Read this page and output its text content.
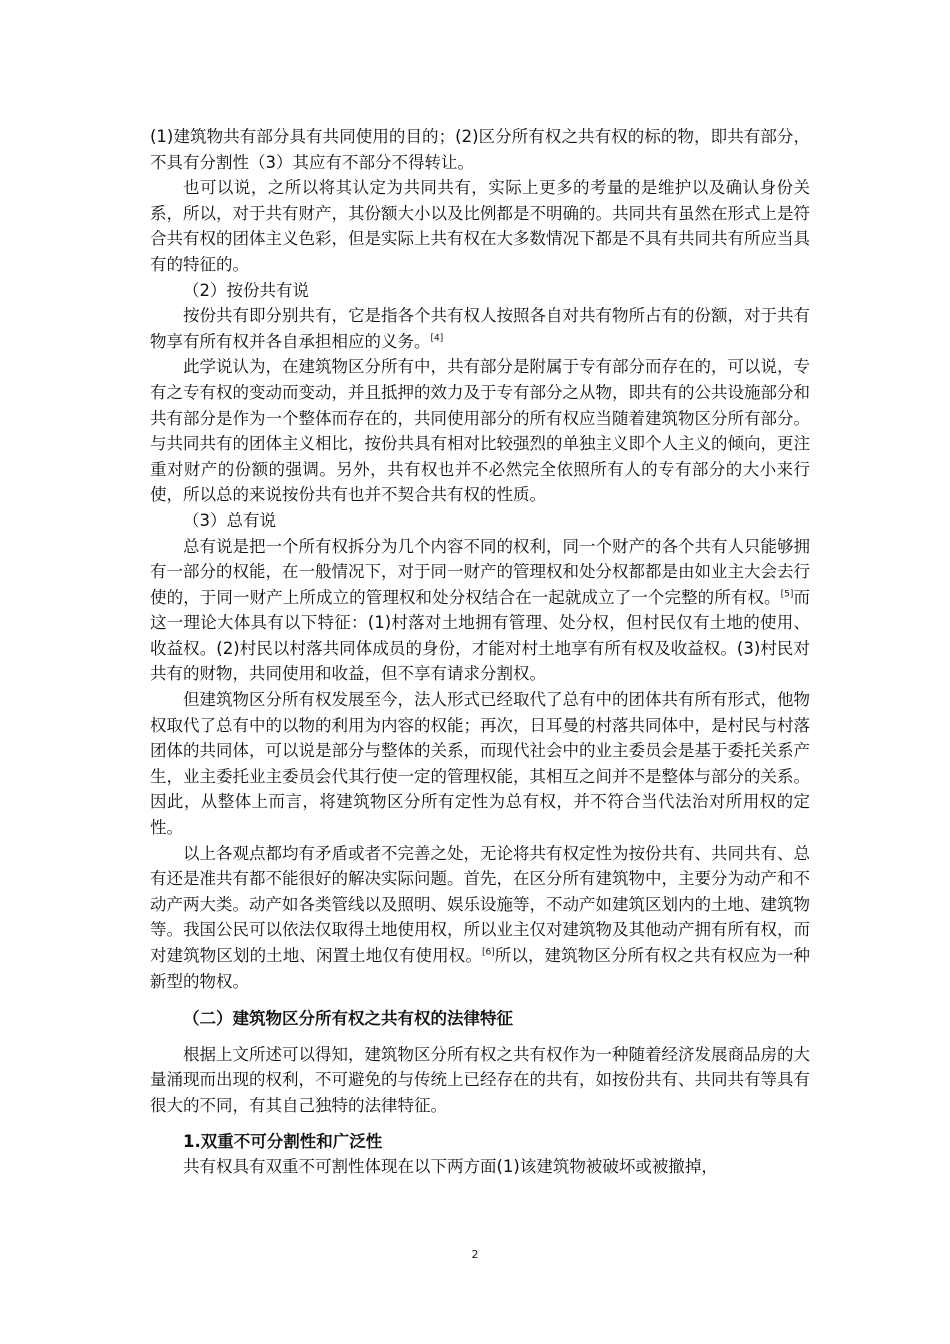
(1)建筑物共有部分具有共同使用的目的；(2)区分所有权之共有权的标的物，即共有部分，不具有分割性（3）其应有不部分不得转让。

也可以说，之所以将其认定为共同共有，实际上更多的考量的是维护以及确认身份关系，所以，对于共有财产，其份额大小以及比例都是不明确的。共同共有虽然在形式上是符合共有权的团体主义色彩，但是实际上共有权在大多数情况下都是不具有共同共有所应当具有的特征的。

（2）按份共有说

按份共有即分别共有，它是指各个共有权人按照各自对共有物所占有的份额，对于共有物享有所有权并各自承担相应的义务。[4]

此学说认为，在建筑物区分所有中，共有部分是附属于专有部分而存在的，可以说，专有之专有权的变动而变动，并且抵押的效力及于专有部分之从物，即共有的公共设施部分和共有部分是作为一个整体而存在的，共同使用部分的所有权应当随着建筑物区分所有部分。与共同共有的团体主义相比，按份共具有相对比较强烈的单独主义即个人主义的倾向，更注重对财产的份额的强调。另外，共有权也并不必然完全依照所有人的专有部分的大小来行使，所以总的来说按份共有也并不契合共有权的性质。

（3）总有说

总有说是把一个所有权拆分为几个内容不同的权利，同一个财产的各个共有人只能够拥有一部分的权能，在一般情况下，对于同一财产的管理权和处分权都都是由如业主大会去行使的，于同一财产上所成立的管理权和处分权结合在一起就成立了一个完整的所有权。[5]而这一理论大体具有以下特征：(1)村落对土地拥有管理、处分权，但村民仅有土地的使用、收益权。(2)村民以村落共同体成员的身份，才能对村土地享有所有权及收益权。(3)村民对共有的财物，共同使用和收益，但不享有请求分割权。

但建筑物区分所有权发展至今，法人形式已经取代了总有中的团体共有所有形式，他物权取代了总有中的以物的利用为内容的权能；再次，日耳曼的村落共同体中，是村民与村落团体的共同体，可以说是部分与整体的关系，而现代社会中的业主委员会是基于委托关系产生，业主委托业主委员会代其行使一定的管理权能，其相互之间并不是整体与部分的关系。因此，从整体上而言，将建筑物区分所有定性为总有权，并不符合当代法治对所用权的定性。

以上各观点都均有矛盾或者不完善之处，无论将共有权定性为按份共有、共同共有、总有还是准共有都不能很好的解决实际问题。首先，在区分所有建筑物中，主要分为动产和不动产两大类。动产如各类管线以及照明、娱乐设施等，不动产如建筑区划内的土地、建筑物等。我国公民可以依法仅取得土地使用权，所以业主仅对建筑物及其他动产拥有所有权，而对建筑物区划的土地、闲置土地仅有使用权。[6]所以，建筑物区分所有权之共有权应为一种新型的物权。

（二）建筑物区分所有权之共有权的法律特征

根据上文所述可以得知，建筑物区分所有权之共有权作为一种随着经济发展商品房的大量涌现而出现的权利，不可避免的与传统上已经存在的共有，如按份共有、共同共有等具有很大的不同，有其自己独特的法律特征。

1.双重不可分割性和广泛性

共有权具有双重不可割性体现在以下两方面(1)该建筑物被破坏或被撤掉，

2
